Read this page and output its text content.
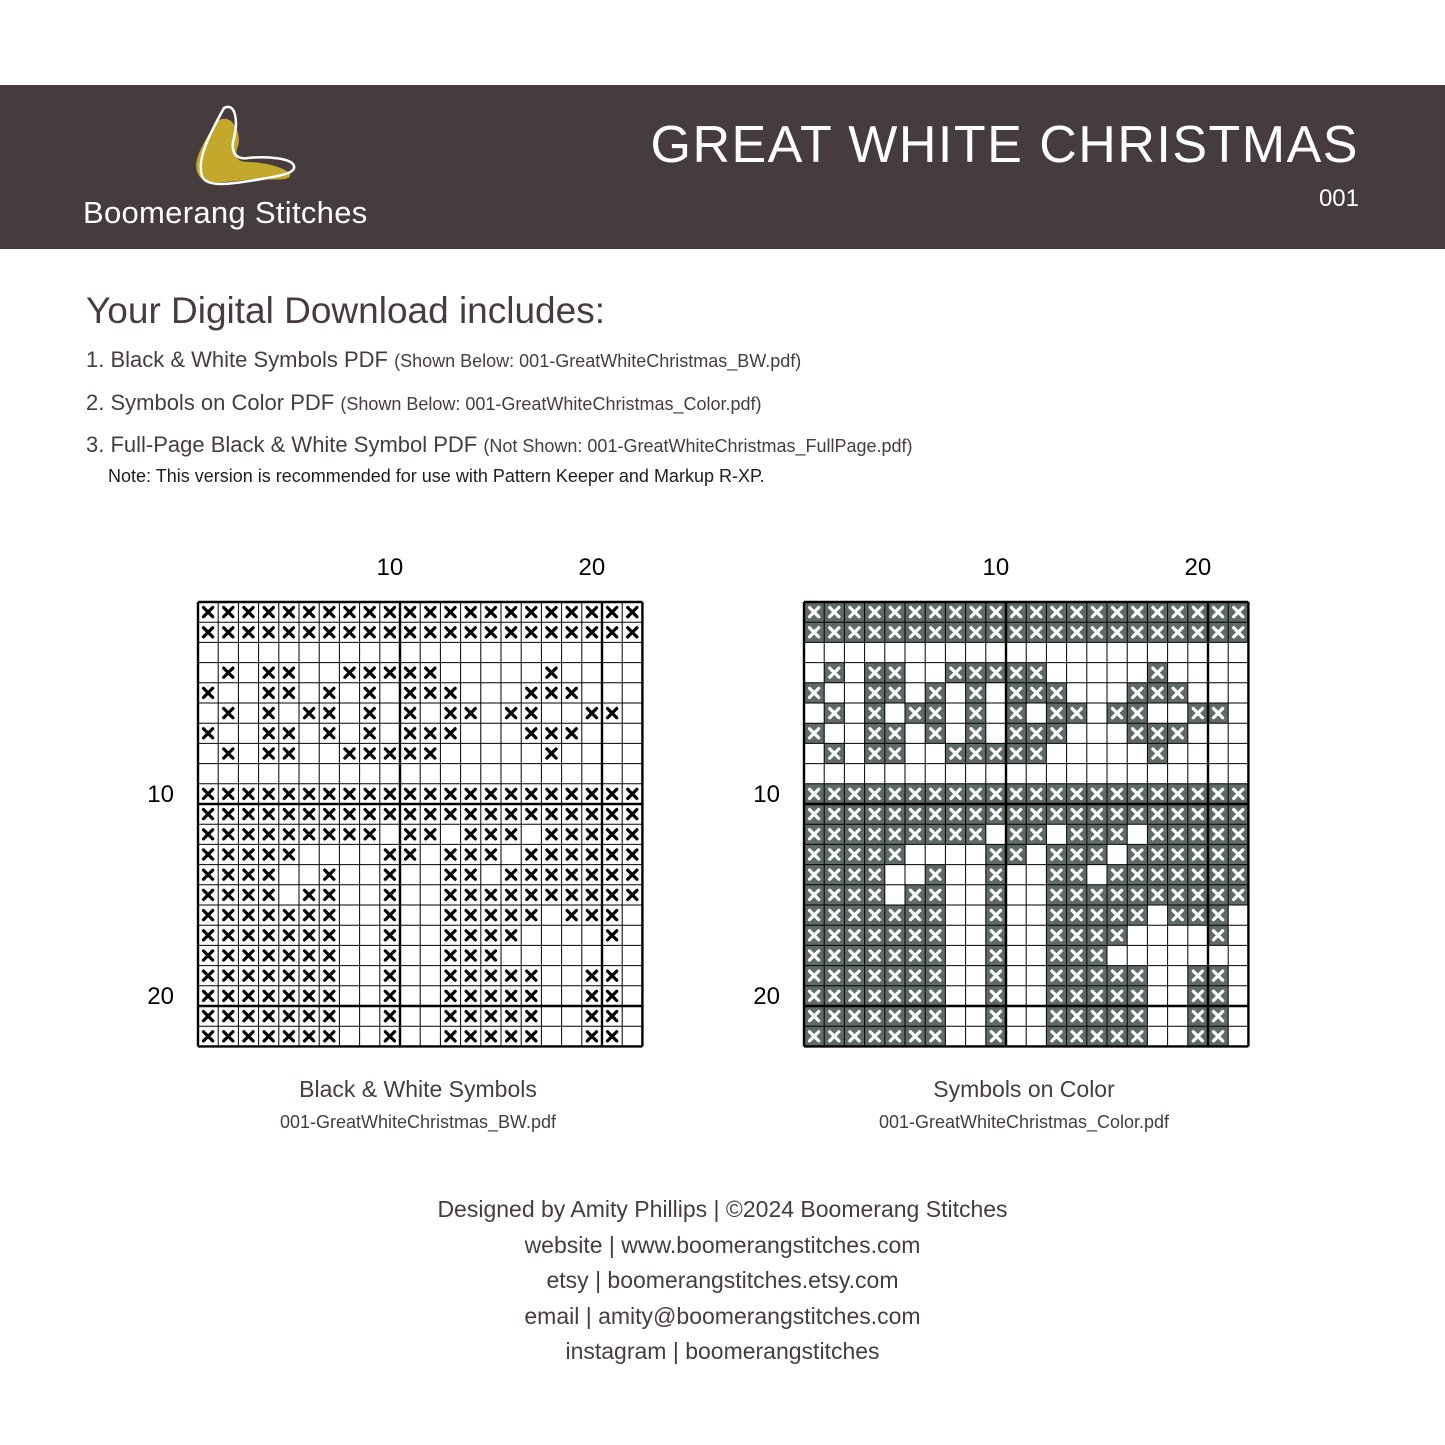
Boomerang Stitches
GREAT WHITE CHRISTMAS
001
Your Digital Download includes:
1. Black & White Symbols PDF (Shown Below: 001-GreatWhiteChristmas_BW.pdf)
2. Symbols on Color PDF (Shown Below: 001-GreatWhiteChristmas_Color.pdf)
3. Full-Page Black & White Symbol PDF (Not Shown: 001-GreatWhiteChristmas_FullPage.pdf)
Note: This version is recommended for use with Pattern Keeper and Markup R-XP.
10	20
10
20
10	20
10
20
Black & White Symbols
001-GreatWhiteChristmas_BW.pdf
Symbols on Color
001-GreatWhiteChristmas_Color.pdf
Designed by Amity Phillips | ©2024 Boomerang Stitches
website | www.boomerangstitches.com
etsy | boomerangstitches.etsy.com
email | amity@boomerangstitches.com
instagram | boomerangstitches
